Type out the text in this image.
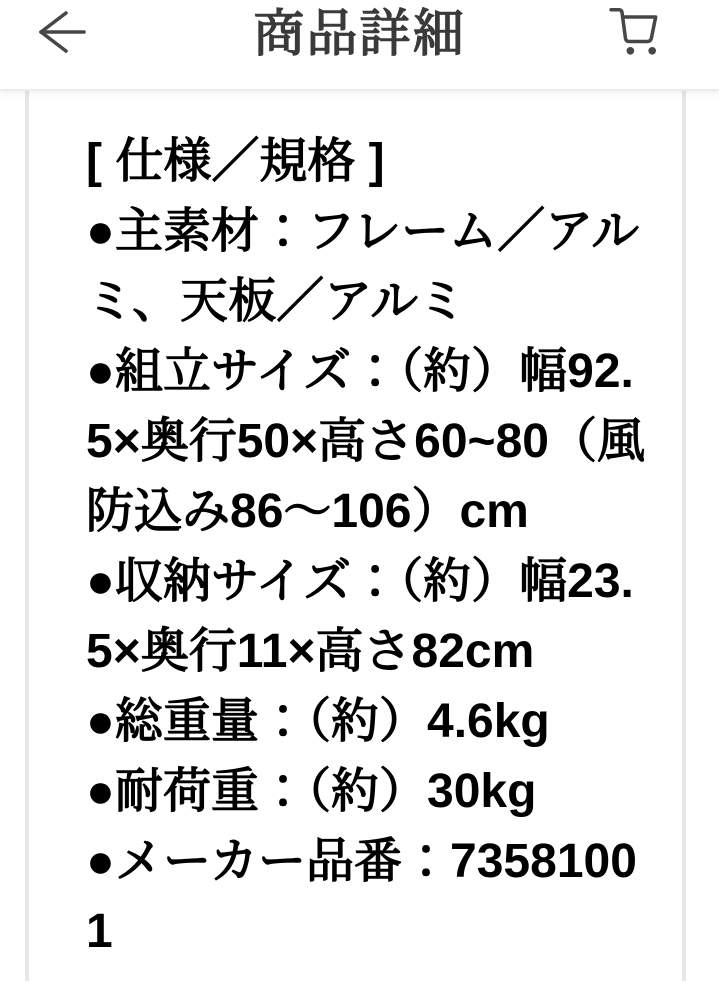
商品詳細
[ 仕様／規格 ]
●主素材：フレーム／アルミ、天板／アルミ
●組立サイズ：（約）幅92.5×奥行50×高さ60~80（風防込み86～106）cm
●収納サイズ：（約）幅23.5×奥行11×高さ82cm
●総重量：（約）4.6kg
●耐荷重：（約）30kg
●メーカー品番：73581001
